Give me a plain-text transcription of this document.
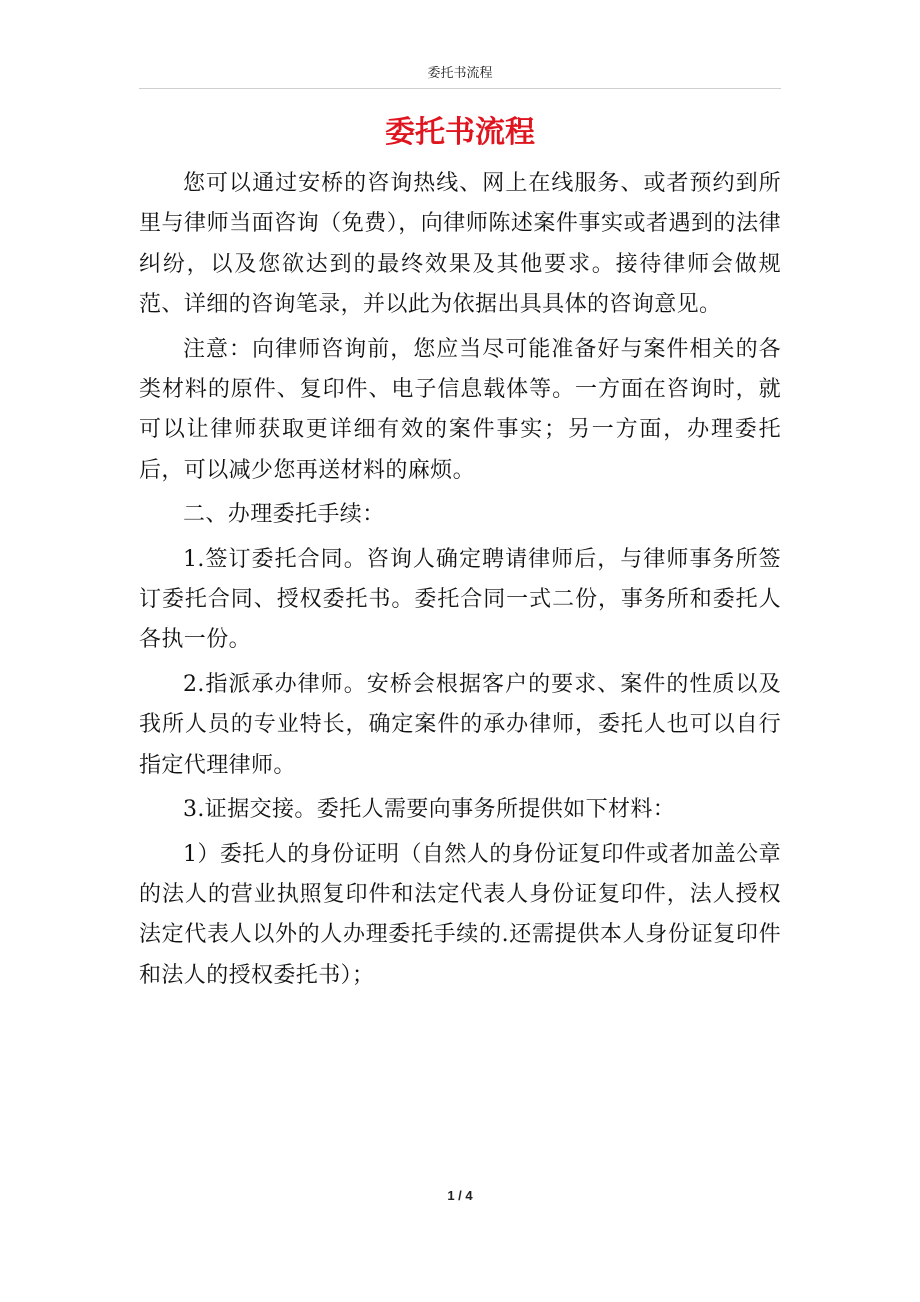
委托书流程
委托书流程

您可以通过安桥的咨询热线、网上在线服务、或者预约到所里与律师当面咨询（免费），向律师陈述案件事实或者遇到的法律纠纷，以及您欲达到的最终效果及其他要求。接待律师会做规范、详细的咨询笔录，并以此为依据出具具体的咨询意见。

注意：向律师咨询前，您应当尽可能准备好与案件相关的各类材料的原件、复印件、电子信息载体等。一方面在咨询时，就可以让律师获取更详细有效的案件事实；另一方面，办理委托后，可以减少您再送材料的麻烦。

二、办理委托手续：

1.签订委托合同。咨询人确定聘请律师后，与律师事务所签订委托合同、授权委托书。委托合同一式二份，事务所和委托人各执一份。

2.指派承办律师。安桥会根据客户的要求、案件的性质以及我所人员的专业特长，确定案件的承办律师，委托人也可以自行指定代理律师。

3.证据交接。委托人需要向事务所提供如下材料：

1）委托人的身份证明（自然人的身份证复印件或者加盖公章的法人的营业执照复印件和法定代表人身份证复印件，法人授权法定代表人以外的人办理委托手续的.还需提供本人身份证复印件和法人的授权委托书）；

1 / 4
